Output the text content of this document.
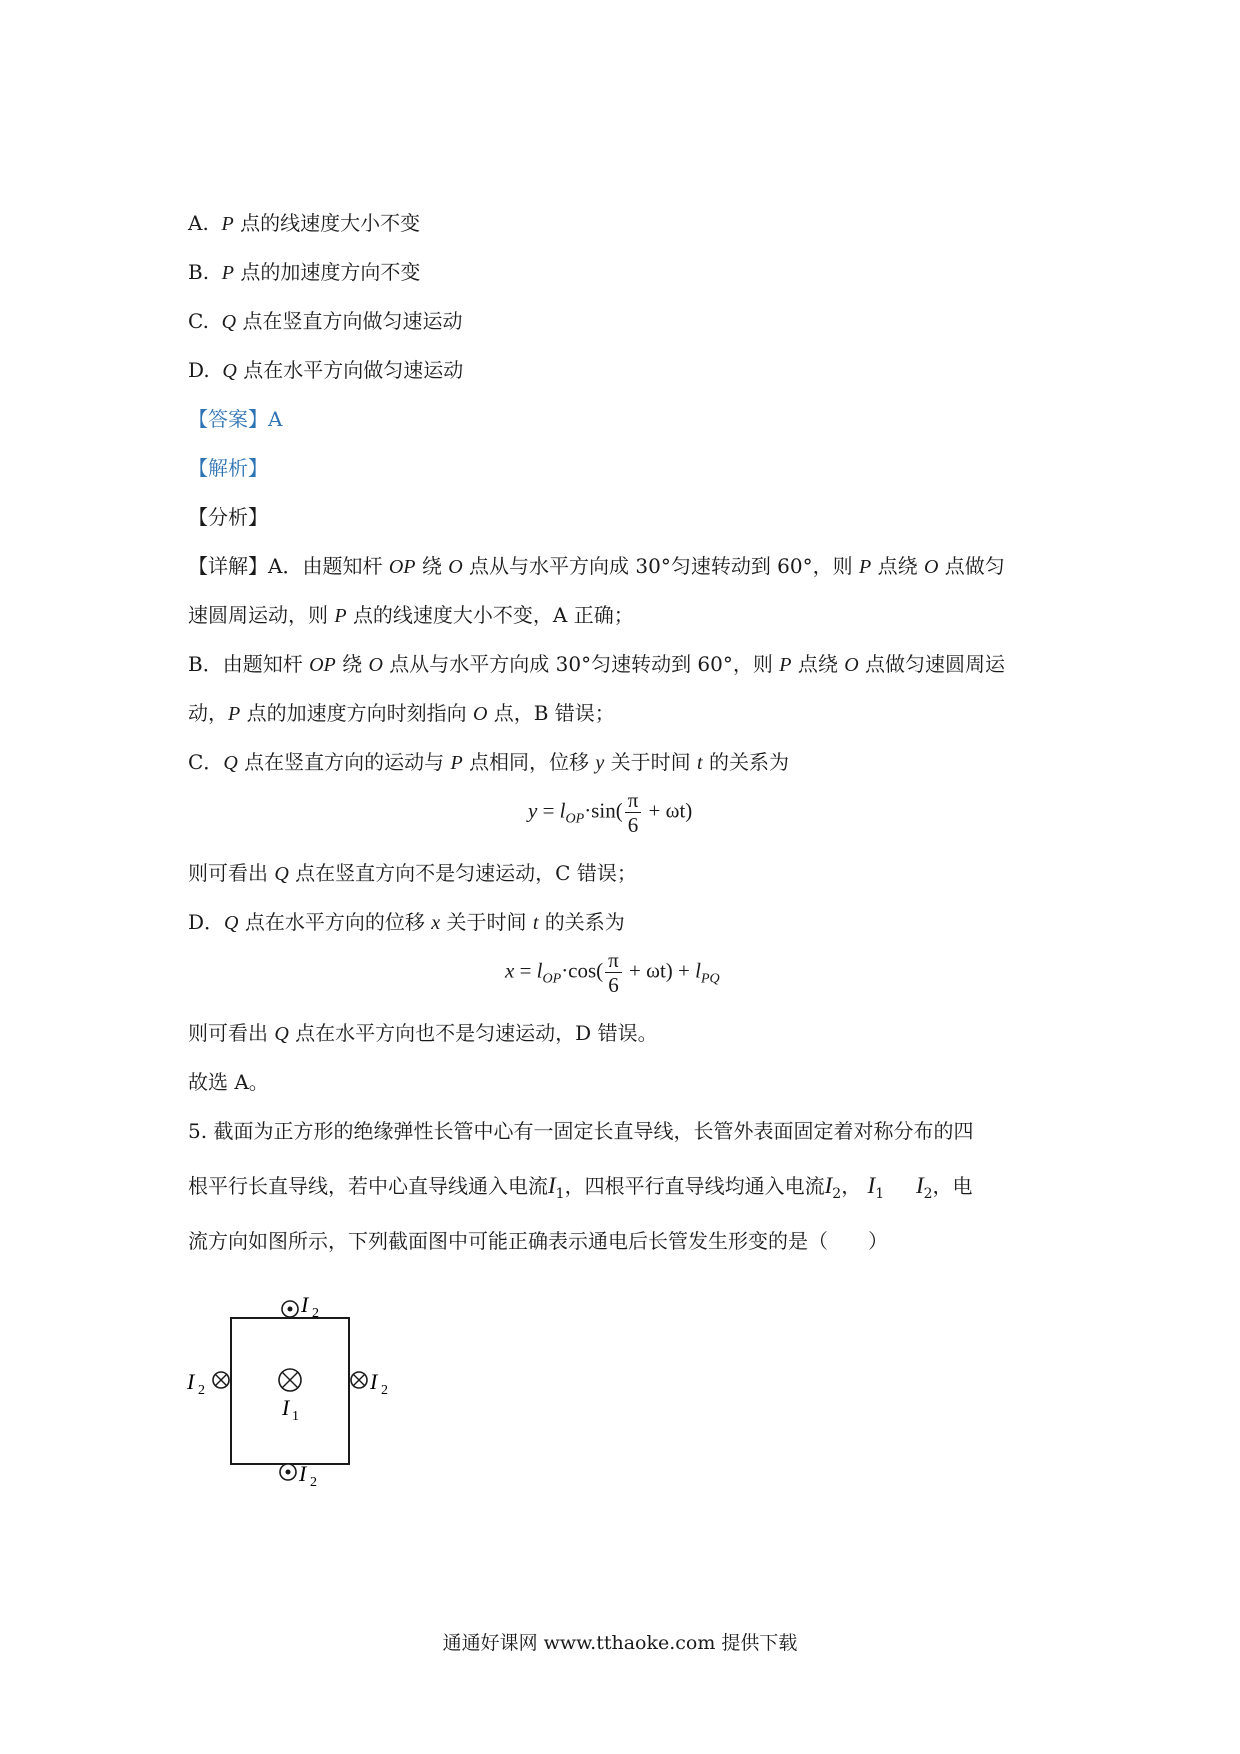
A. P 点的线速度大小不变
B. P 点的加速度方向不变
C. Q 点在竖直方向做匀速运动
D. Q 点在水平方向做匀速运动
【答案】A
【解析】
【分析】
【详解】A．由题知杆 OP 绕 O 点从与水平方向成 30°匀速转动到 60°，则 P 点绕 O 点做匀
速圆周运动，则 P 点的线速度大小不变，A 正确；
B．由题知杆 OP 绕 O 点从与水平方向成 30°匀速转动到 60°，则 P 点绕 O 点做匀速圆周运
动，P 点的加速度方向时刻指向 O 点，B 错误；
C．Q 点在竖直方向的运动与 P 点相同，位移 y 关于时间 t 的关系为
$y = l_{OP}\cdot\sin( \frac{\pi}{6} + \omega t)$
则可看出 Q 点在竖直方向不是匀速运动，C 错误；
D．Q 点在水平方向的位移 x 关于时间 t 的关系为
$x = l_{OP}\cdot\cos( \frac{\pi}{6} + \omega t) + l_{PQ}$
则可看出 Q 点在水平方向也不是匀速运动，D 错误。
故选 A。
5. 截面为正方形的绝缘弹性长管中心有一固定长直导线，长管外表面固定着对称分布的四
根平行长直导线，若中心直导线通入电流$I_1$，四根平行直导线均通入电流$I_2$， $I_1$ $I_2$，电
流方向如图所示，下列截面图中可能正确表示通电后长管发生形变的是（　　）
I 2
I 2
I 1
I 2
I 2
通通好课网 www.tthaoke.com 提供下载
